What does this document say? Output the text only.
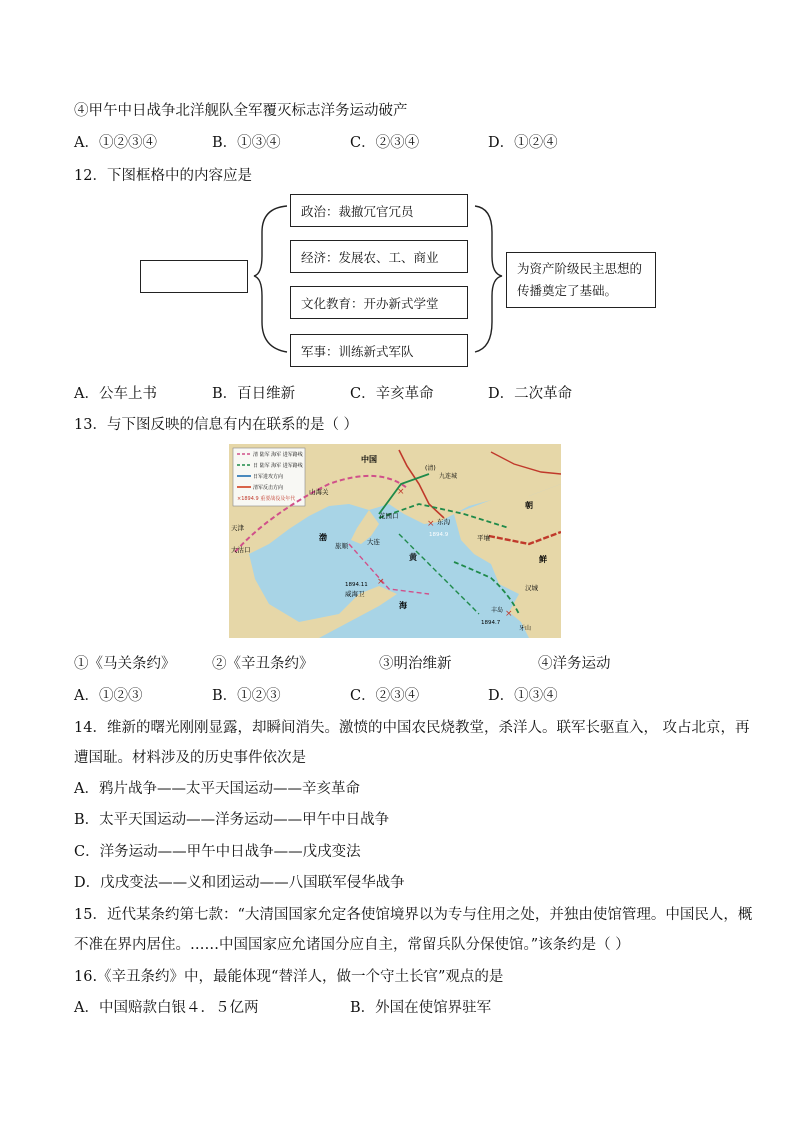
④甲午中日战争北洋舰队全军覆灭标志洋务运动破产
A．①②③④	B．①③④	C．②③④	D．①②④
12．下图框格中的内容应是
政治：裁撤冗官冗员
经济：发展农、工、商业
文化教育：开办新式学堂
军事：训练新式军队
为资产阶级民主思想的传播奠定了基础。
A．公车上书	B．百日维新	C．辛亥革命	D．二次革命
13．与下图反映的信息有内在联系的是（ ）
清 陆军 海军 进军路线
日 陆军 海军 进军路线
日军进攻方向
清军反击方向
×1894.9 重要战役及年代
×
×
×
×
中国
(清)
九连城
朝
鲜
天津
大沽口
山海关
花园口
东沟
1894.9
旅顺	大连
渤
海
黄
平壤
汉城
威海卫
1894.11
1894.7
丰岛
牙山
①《马关条约》	②《辛丑条约》	③明治维新	④洋务运动
A．①②③	B．①②③	C．②③④	D．①③④
14．维新的曙光刚刚显露，却瞬间消失。激愤的中国农民烧教堂，杀洋人。联军长驱直入， 攻占北京，再
遭国耻。材料涉及的历史事件依次是
A．鸦片战争——太平天国运动——辛亥革命
B．太平天国运动——洋务运动——甲午中日战争
C．洋务运动——甲午中日战争——戊戌变法
D．戊戌变法——义和团运动——八国联军侵华战争
15．近代某条约第七款：“大清国国家允定各使馆境界以为专与住用之处，并独由使馆管理。中国民人，概
不准在界内居住。……中国国家应允诸国分应自主，常留兵队分保使馆。”该条约是（ ）
16.《辛丑条约》中，最能体现“替洋人，做一个守土长官”观点的是
A．中国赔款白银４．５亿两	B．外国在使馆界驻军
